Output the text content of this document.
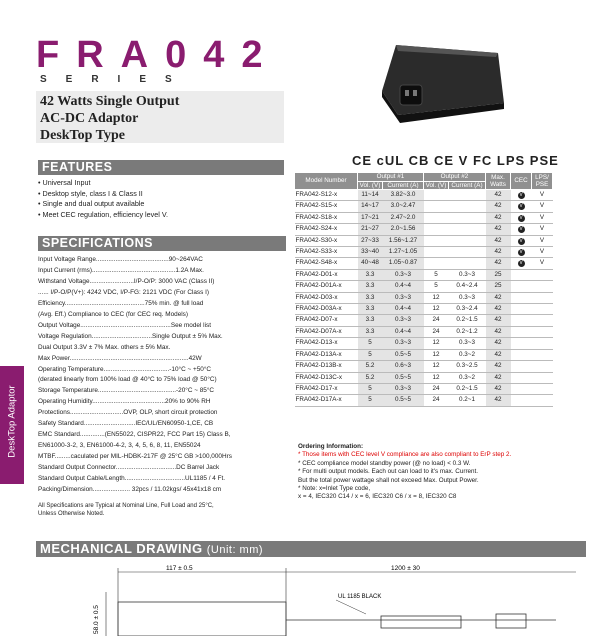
FRA042
SERIES
42 Watts Single Output
AC-DC Adaptor
DeskTop Type
FEATURES
• Universal Input
• Desktop style, class I & Class II
• Single and dual output available
• Meet CEC regulation, efficiency level V.
SPECIFICATIONS
Input Voltage Range.........................................90~264VAC
Input Current (rms)...............................................1.2A Max.
Withstand Voltage.........................I/P-O/P: 3000 VAC (Class II)
...... I/P-O/P(V+): 4242 VDC, I/P-FG: 2121 VDC (For Class I)
Efficiency.............................................75% min. @ full load
(Avg. Eff.) Compliance to CEC (for CEC req. Models)
Output Voltage...................................................See model list
Voltage Regulation..................................Single Output ± 5% Max.
Dual Output 3.3V ± 7% Max. others ± 5% Max.
Max Power...................................................................42W
Operating Temperature.....................................-10°C ~ +50°C
(derated linearly from 100% load @ 40°C to 75% load @ 50°C)
Storage Temperature............................................-20°C ~ 85°C
Operating Humidity.........................................20% to 90% RH
Protections..............................OVP, OLP, short circuit protection
Safety Standard.............................IEC/UL/EN60950-1,CE, CB
EMC Standard..............(EN55022, CISPR22, FCC Part 15) Class B,
EN61000-3-2, 3, EN61000-4-2, 3, 4, 5, 6, 8, 11, EN55024
MTBF.........caculated per MIL-HDBK-217F @ 25°C GB >100,000Hrs
Standard Output Connector..................................DC Barrel Jack
Standard Output Cable/Length..................................UL1185 / 4 Ft.
Packing/Dimension..................... 32pcs / 11.02kgs/ 45x41x18 cm
All Specifications are Typical at Nominal Line, Full Load and 25°C,
Unless Otherwise Noted.
DeskTop Adaptor
CE cUL CB CE V FC LPS PSE
Model Number	Output #1		Output #2		Max. Watts	CEC	LPS/ PSE
	Vol. (V)	Current (A)	Vol. (V)	Current (A)			
FRA042-S12-x	11~14	3.82~3.0			42	V	V
FRA042-S15-x	14~17	3.0~2.47			42	V	V
FRA042-S18-x	17~21	2.47~2.0			42	V	V
FRA042-S24-x	21~27	2.0~1.56			42	V	V
FRA042-S30-x	27~33	1.56~1.27			42	V	V
FRA042-S33-x	33~40	1.27~1.05			42	V	V
FRA042-S48-x	40~48	1.05~0.87			42	V	V
FRA042-D01-x	3.3	0.3~3	5	0.3~3	25		
FRA042-D01A-x	3.3	0.4~4	5	0.4~2.4	25		
FRA042-D03-x	3.3	0.3~3	12	0.3~3	42		
FRA042-D03A-x	3.3	0.4~4	12	0.3~2.4	42		
FRA042-D07-x	3.3	0.3~3	24	0.2~1.5	42		
FRA042-D07A-x	3.3	0.4~4	24	0.2~1.2	42		
FRA042-D13-x	5	0.3~3	12	0.3~3	42		
FRA042-D13A-x	5	0.5~5	12	0.3~2	42		
FRA042-D13B-x	5.2	0.6~3	12	0.3~2.5	42		
FRA042-D13C-x	5.2	0.5~5	12	0.3~2	42		
FRA042-D17-x	5	0.3~3	24	0.2~1.5	42		
FRA042-D17A-x	5	0.5~5	24	0.2~1	42		
Ordering Information:
* Those items with CEC level V compliance are also compliant to ErP step 2.
* CEC compliance model standby power (@ no load) < 0.3 W.
* For multi output models. Each out can load to it's max. Current.
But the total power wattage shall not exceed Max. Output Power.
* Note: x=Inlet Type code,
x = 4, IEC320 C14 / x = 6, IEC320 C6 / x = 8, IEC320 C8
MECHANICAL DRAWING (Unit: mm)
117 ± 0.5	1200 ± 30
58.0 ± 0.5
UL 1185 BLACK
